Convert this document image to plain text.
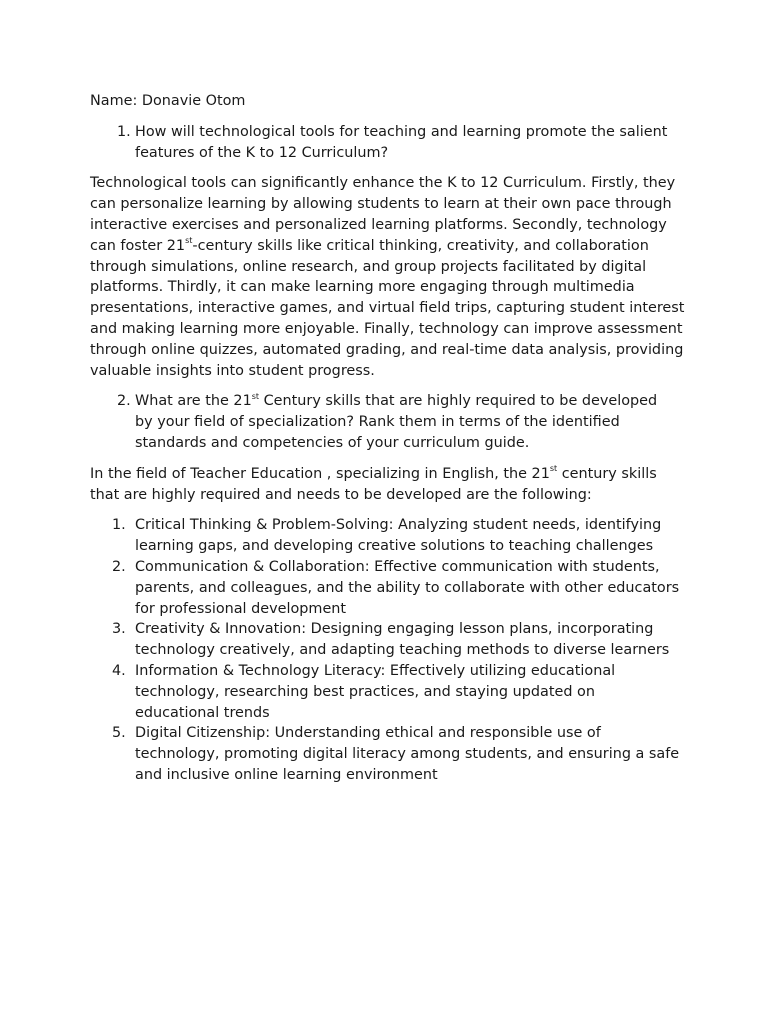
Name: Donavie Otom

1. How will technological tools for teaching and learning promote the salient features of the K to 12 Curriculum?

Technological tools can significantly enhance the K to 12 Curriculum. Firstly, they can personalize learning by allowing students to learn at their own pace through interactive exercises and personalized learning platforms. Secondly, technology can foster 21st-century skills like critical thinking, creativity, and collaboration through simulations, online research, and group projects facilitated by digital platforms. Thirdly, it can make learning more engaging through multimedia presentations, interactive games, and virtual field trips, capturing student interest and making learning more enjoyable. Finally, technology can improve assessment through online quizzes, automated grading, and real-time data analysis, providing valuable insights into student progress.

2. What are the 21st Century skills that are highly required to be developed by your field of specialization? Rank them in terms of the identified standards and competencies of your curriculum guide.

In the field of Teacher Education , specializing in English, the 21st century skills that are highly required and needs to be developed are the following:

1. Critical Thinking & Problem-Solving: Analyzing student needs, identifying learning gaps, and developing creative solutions to teaching challenges
2. Communication & Collaboration: Effective communication with students, parents, and colleagues, and the ability to collaborate with other educators for professional development
3. Creativity & Innovation: Designing engaging lesson plans, incorporating technology creatively, and adapting teaching methods to diverse learners
4. Information & Technology Literacy: Effectively utilizing educational technology, researching best practices, and staying updated on educational trends
5. Digital Citizenship: Understanding ethical and responsible use of technology, promoting digital literacy among students, and ensuring a safe and inclusive online learning environment
